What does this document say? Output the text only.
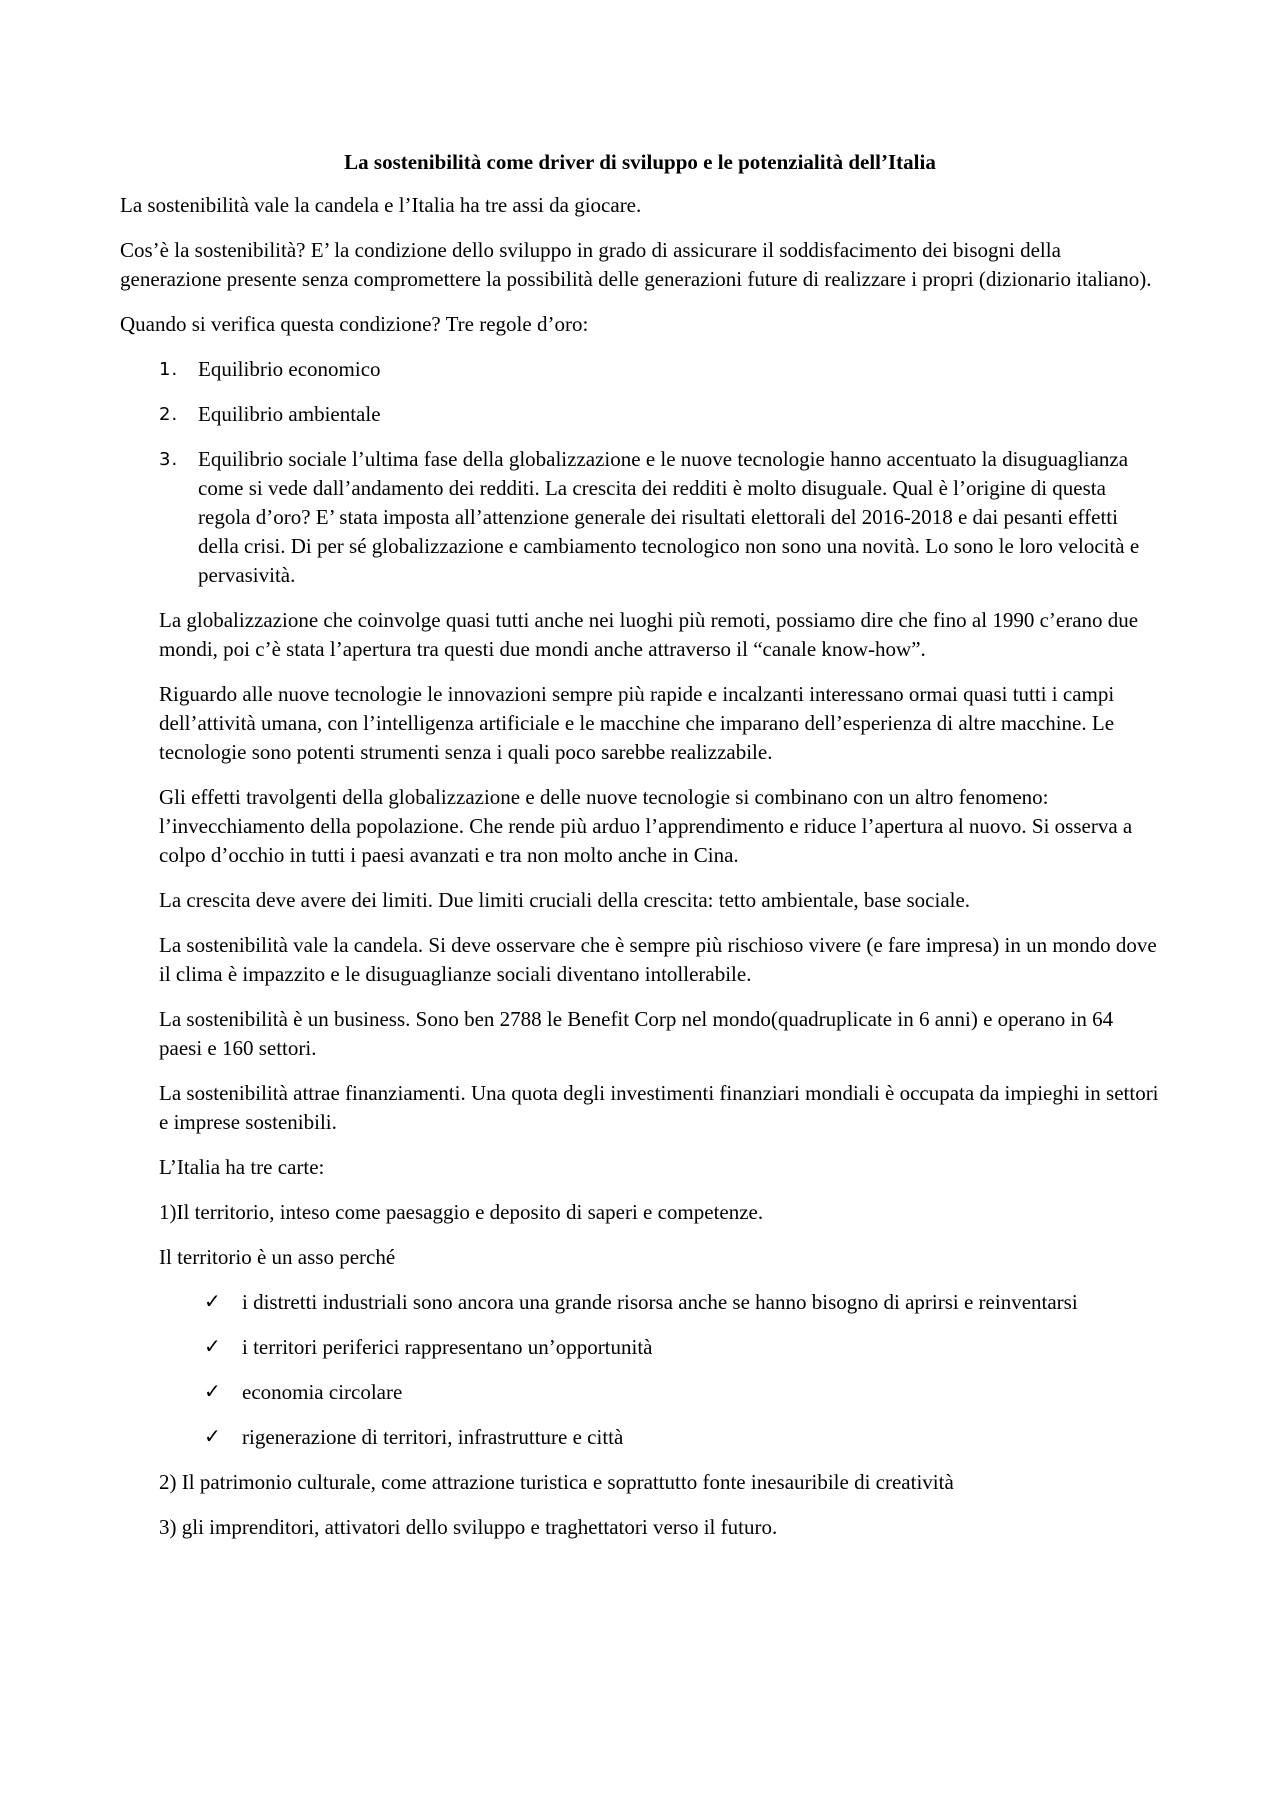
La sostenibilità come driver di sviluppo e le potenzialità dell’Italia

La sostenibilità vale la candela e l’Italia ha tre assi da giocare.

Cos’è la sostenibilità? E’ la condizione dello sviluppo in grado di assicurare il soddisfacimento dei bisogni della generazione presente senza compromettere la possibilità delle generazioni future di realizzare i propri (dizionario italiano).

Quando si verifica questa condizione? Tre regole d’oro:

1. Equilibrio economico
2. Equilibrio ambientale
3. Equilibrio sociale l’ultima fase della globalizzazione e le nuove tecnologie hanno accentuato la disuguaglianza come si vede dall’andamento dei redditi. La crescita dei redditi è molto disuguale. Qual è l’origine di questa regola d’oro? E’ stata imposta all’attenzione generale dei risultati elettorali del 2016-2018 e dai pesanti effetti della crisi. Di per sé globalizzazione e cambiamento tecnologico non sono una novità. Lo sono le loro velocità e pervasività.

La globalizzazione che coinvolge quasi tutti anche nei luoghi più remoti, possiamo dire che fino al 1990 c’erano due mondi, poi c’è stata l’apertura tra questi due mondi anche attraverso il “canale know-how”.

Riguardo alle nuove tecnologie le innovazioni sempre più rapide e incalzanti interessano ormai quasi tutti i campi dell’attività umana, con l’intelligenza artificiale e le macchine che imparano dell’esperienza di altre macchine. Le tecnologie sono potenti strumenti senza i quali poco sarebbe realizzabile.

Gli effetti travolgenti della globalizzazione e delle nuove tecnologie si combinano con un altro fenomeno: l’invecchiamento della popolazione. Che rende più arduo l’apprendimento e riduce l’apertura al nuovo. Si osserva a colpo d’occhio in tutti i paesi avanzati e tra non molto anche in Cina.

La crescita deve avere dei limiti. Due limiti cruciali della crescita: tetto ambientale, base sociale.

La sostenibilità vale la candela. Si deve osservare che è sempre più rischioso vivere (e fare impresa) in un mondo dove il clima è impazzito e le disuguaglianze sociali diventano intollerabile.

La sostenibilità è un business. Sono ben 2788 le Benefit Corp nel mondo(quadruplicate in 6 anni) e operano in 64 paesi e 160 settori.

La sostenibilità attrae finanziamenti. Una quota degli investimenti finanziari mondiali è occupata da impieghi in settori e imprese sostenibili.

L’Italia ha tre carte:

1)Il territorio, inteso come paesaggio e deposito di saperi e competenze.

Il territorio è un asso perché

✓ i distretti industriali sono ancora una grande risorsa anche se hanno bisogno di aprirsi e reinventarsi
✓ i territori periferici rappresentano un’opportunità
✓ economia circolare
✓ rigenerazione di territori, infrastrutture e città

2) Il patrimonio culturale, come attrazione turistica e soprattutto fonte inesauribile di creatività

3) gli imprenditori, attivatori dello sviluppo e traghettatori verso il futuro.
